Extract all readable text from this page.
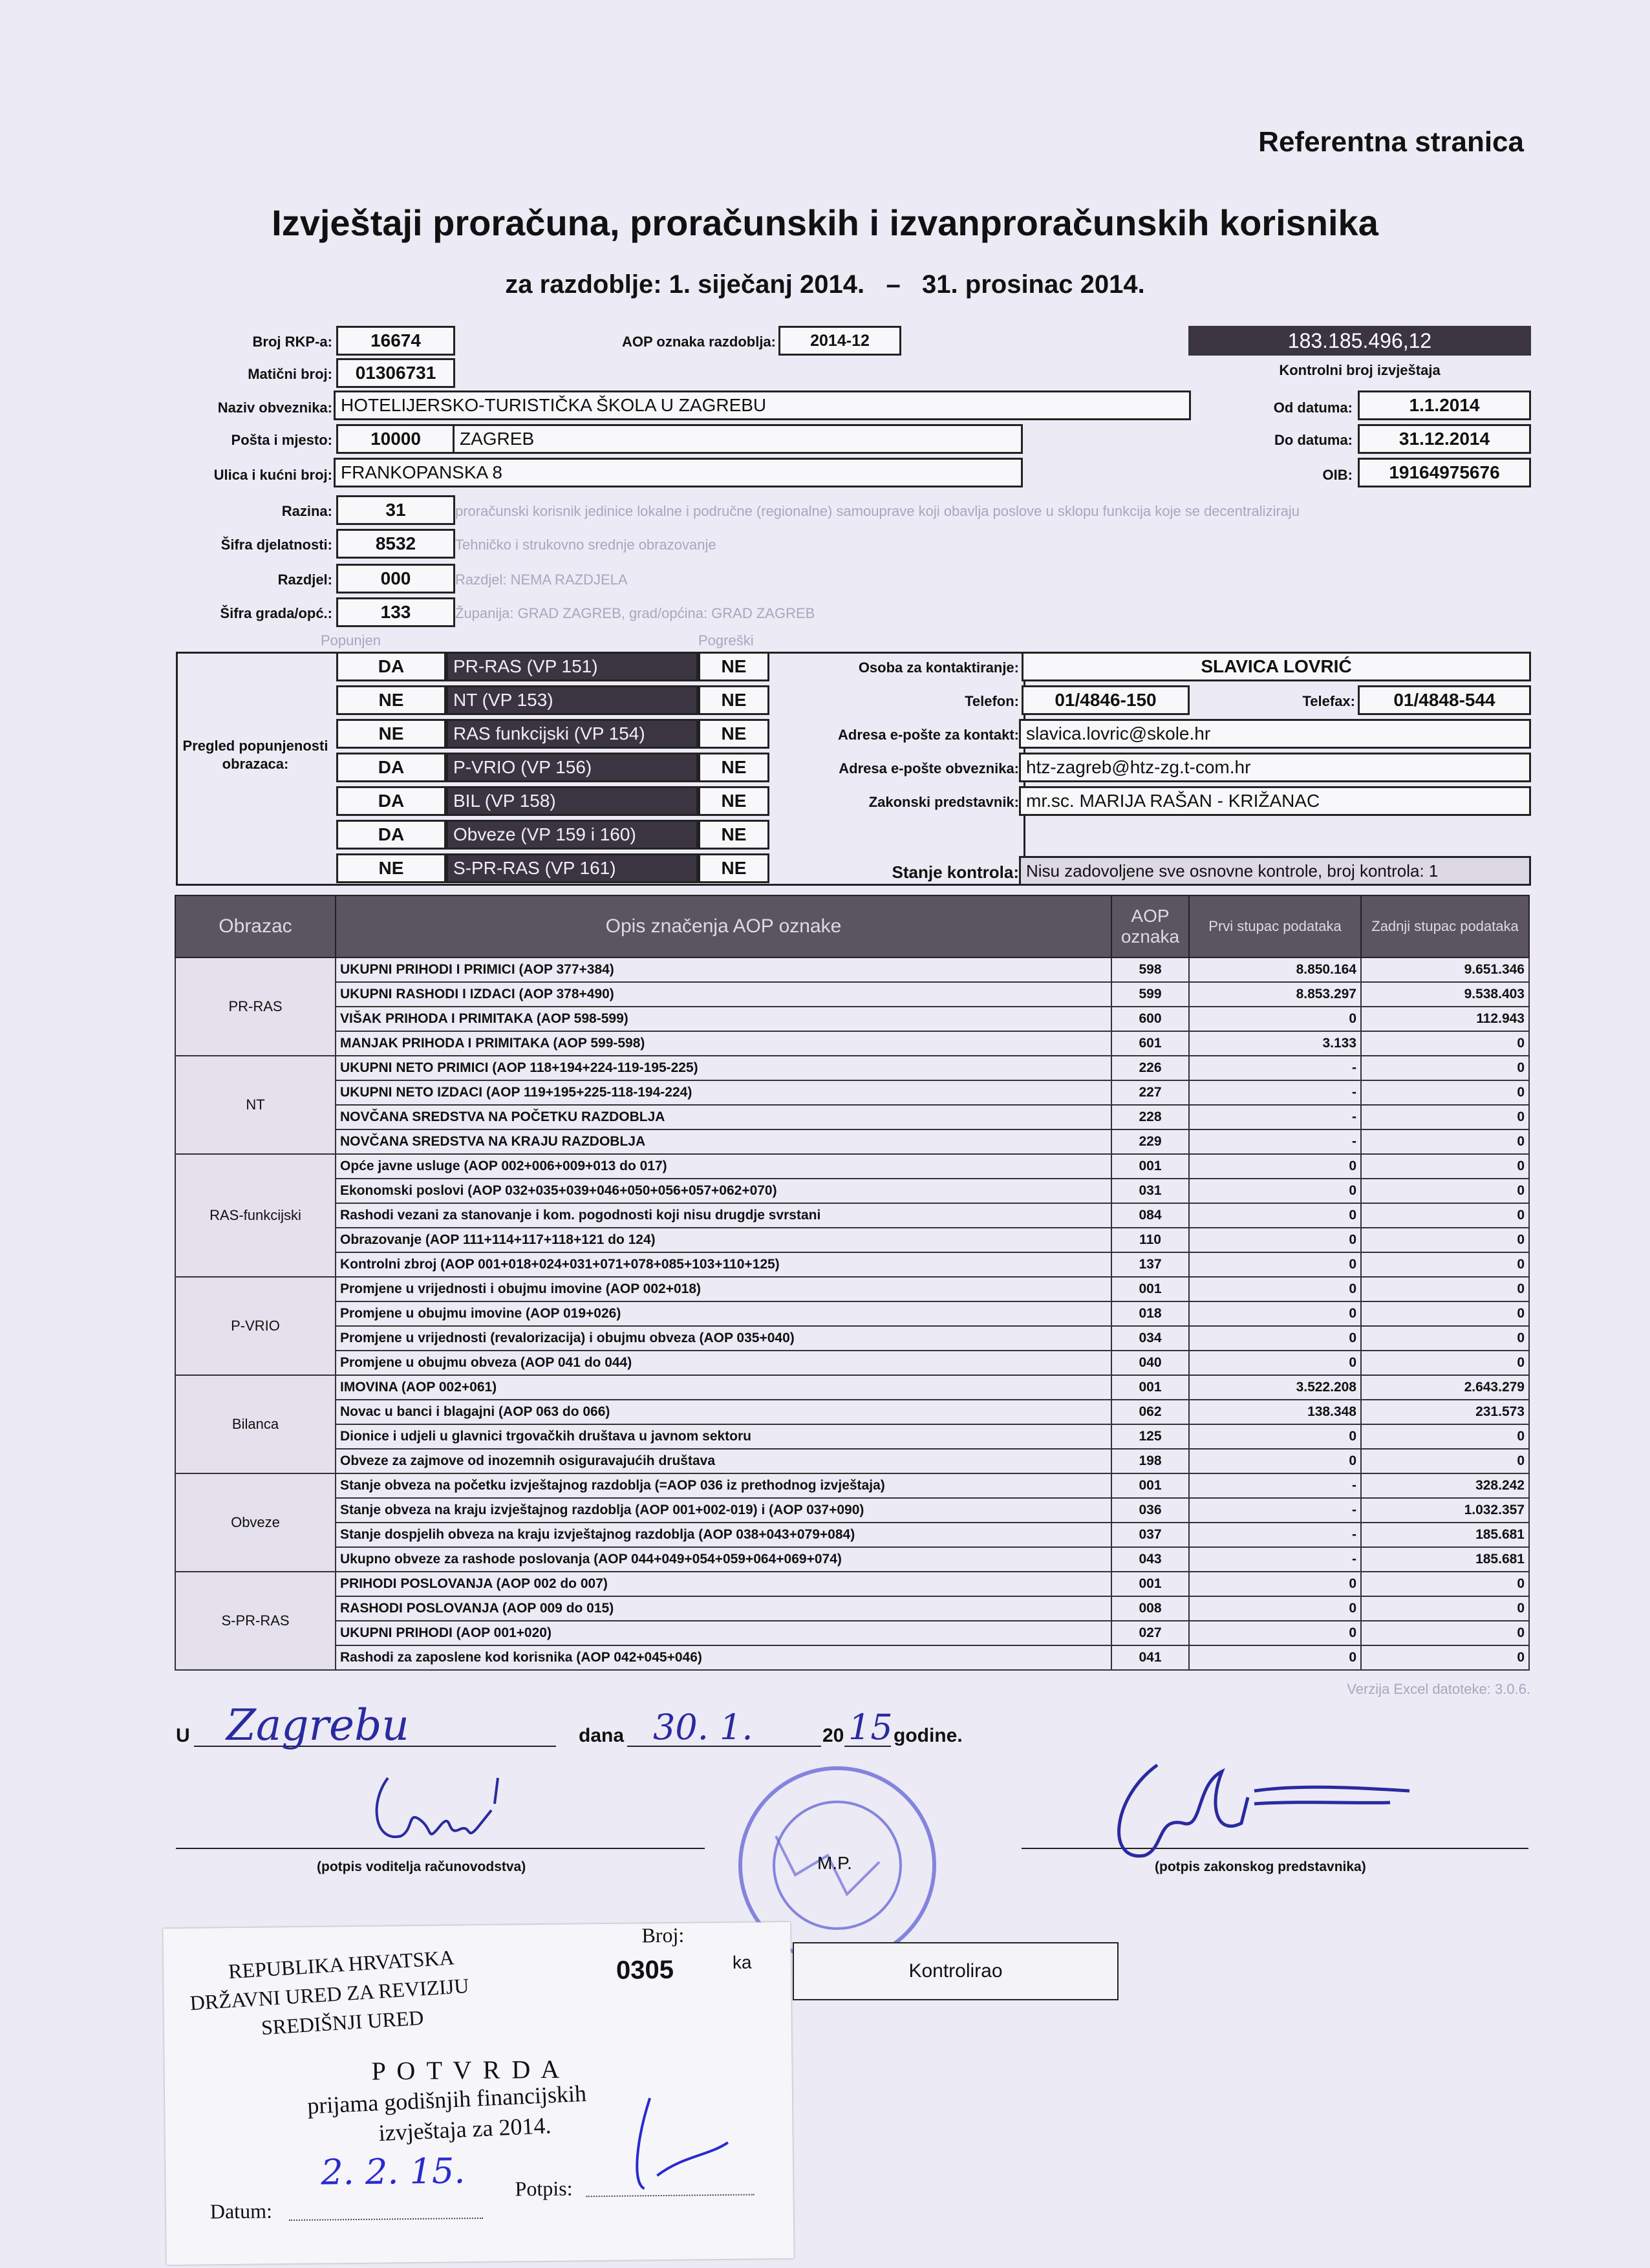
Referentna stranica
Izvještaji proračuna, proračunskih i izvanproračunskih korisnika
za razdoblje: 1. siječanj 2014.   –   31. prosinac 2014.
Broj RKP-a:	16674	AOP oznaka razdoblja:	2014-12	183.185.496,12
Kontrolni broj izvještaja
Matični broj:	01306731
Naziv obveznika: HOTELIJERSKO-TURISTIČKA ŠKOLA U ZAGREBU	Od datuma:	1.1.2014
Pošta i mjesto:	10000	ZAGREB	Do datuma:	31.12.2014
Ulica i kućni broj: FRANKOPANSKA 8	OIB:	19164975676
Razina:	31	proračunski korisnik jedinice lokalne i područne (regionalne) samouprave koji obavlja poslove u sklopu funkcija koje se decentraliziraju
Šifra djelatnosti:	8532	Tehničko i strukovno srednje obrazovanje
Razdjel:	000	Razdjel: NEMA RAZDJELA
Šifra grada/opć.:	133	Županija: GRAD ZAGREB, grad/općina: GRAD ZAGREB
Popunjen	Pogreški
Pregled popunjenosti obrazaca:
DA	PR-RAS (VP 151)	NE
NE	NT (VP 153)	NE
NE	RAS funkcijski (VP 154)	NE
DA	P-VRIO (VP 156)	NE
DA	BIL (VP 158)	NE
DA	Obveze (VP 159 i 160)	NE
NE	S-PR-RAS (VP 161)	NE
Osoba za kontaktiranje:	SLAVICA LOVRIĆ
Telefon:	01/4846-150	Telefax:	01/4848-544
Adresa e-pošte za kontakt: slavica.lovric@skole.hr
Adresa e-pošte obveznika: htz-zagreb@htz-zg.t-com.hr
Zakonski predstavnik: mr.sc. MARIJA RAŠAN - KRIŽANAC
Stanje kontrola: Nisu zadovoljene sve osnovne kontrole, broj kontrola: 1
Obrazac	Opis značenja AOP oznake	AOP oznaka	Prvi stupac podataka	Zadnji stupac podataka
PR-RAS	UKUPNI PRIHODI I PRIMICI (AOP 377+384)	598	8.850.164	9.651.346
	UKUPNI RASHODI I IZDACI (AOP 378+490)	599	8.853.297	9.538.403
	VIŠAK PRIHODA I PRIMITAKA (AOP 598-599)	600	0	112.943
	MANJAK PRIHODA I PRIMITAKA (AOP 599-598)	601	3.133	0
NT	UKUPNI NETO PRIMICI (AOP 118+194+224-119-195-225)	226	-	0
	UKUPNI NETO IZDACI (AOP 119+195+225-118-194-224)	227	-	0
	NOVČANA SREDSTVA NA POČETKU RAZDOBLJA	228	-	0
	NOVČANA SREDSTVA NA KRAJU RAZDOBLJA	229	-	0
RAS-funkcijski	Opće javne usluge (AOP 002+006+009+013 do 017)	001	0	0
	Ekonomski poslovi (AOP 032+035+039+046+050+056+057+062+070)	031	0	0
	Rashodi vezani za stanovanje i kom. pogodnosti koji nisu drugdje svrstani	084	0	0
	Obrazovanje (AOP 111+114+117+118+121 do 124)	110	0	0
	Kontrolni zbroj (AOP 001+018+024+031+071+078+085+103+110+125)	137	0	0
P-VRIO	Promjene u vrijednosti i obujmu imovine (AOP 002+018)	001	0	0
	Promjene u obujmu imovine (AOP 019+026)	018	0	0
	Promjene u vrijednosti (revalorizacija) i obujmu obveza (AOP 035+040)	034	0	0
	Promjene u obujmu obveza (AOP 041 do 044)	040	0	0
Bilanca	IMOVINA (AOP 002+061)	001	3.522.208	2.643.279
	Novac u banci i blagajni (AOP 063 do 066)	062	138.348	231.573
	Dionice i udjeli u glavnici trgovačkih društava u javnom sektoru	125	0	0
	Obveze za zajmove od inozemnih osiguravajućih društava	198	0	0
Obveze	Stanje obveza na početku izvještajnog razdoblja (=AOP 036 iz prethodnog izvještaja)	001	-	328.242
	Stanje obveza na kraju izvještajnog razdoblja (AOP 001+002-019) i (AOP 037+090)	036	-	1.032.357
	Stanje dospjelih obveza na kraju izvještajnog razdoblja (AOP 038+043+079+084)	037	-	185.681
	Ukupno obveze za rashode poslovanja (AOP 044+049+054+059+064+069+074)	043	-	185.681
S-PR-RAS	PRIHODI POSLOVANJA (AOP 002 do 007)	001	0	0
	RASHODI POSLOVANJA (AOP 009 do 015)	008	0	0
	UKUPNI PRIHODI (AOP 001+020)	027	0	0
	Rashodi za zaposlene kod korisnika (AOP 042+045+046)	041	0	0
Verzija Excel datoteke: 3.0.6.
U Zagrebu	dana 30. 1.	20 15 godine.
(potpis voditelja računovodstva)	M.P.	(potpis zakonskog predstavnika)
REPUBLIKA HRVATSKA
DRŽAVNI URED ZA REVIZIJU
SREDIŠNJI URED
Broj:
0305	ka
P O T V R D A
prijama godišnjih financijskih
izvještaja za 2014.
2. 2. 15.
Datum:
Potpis:
Kontrolirao
